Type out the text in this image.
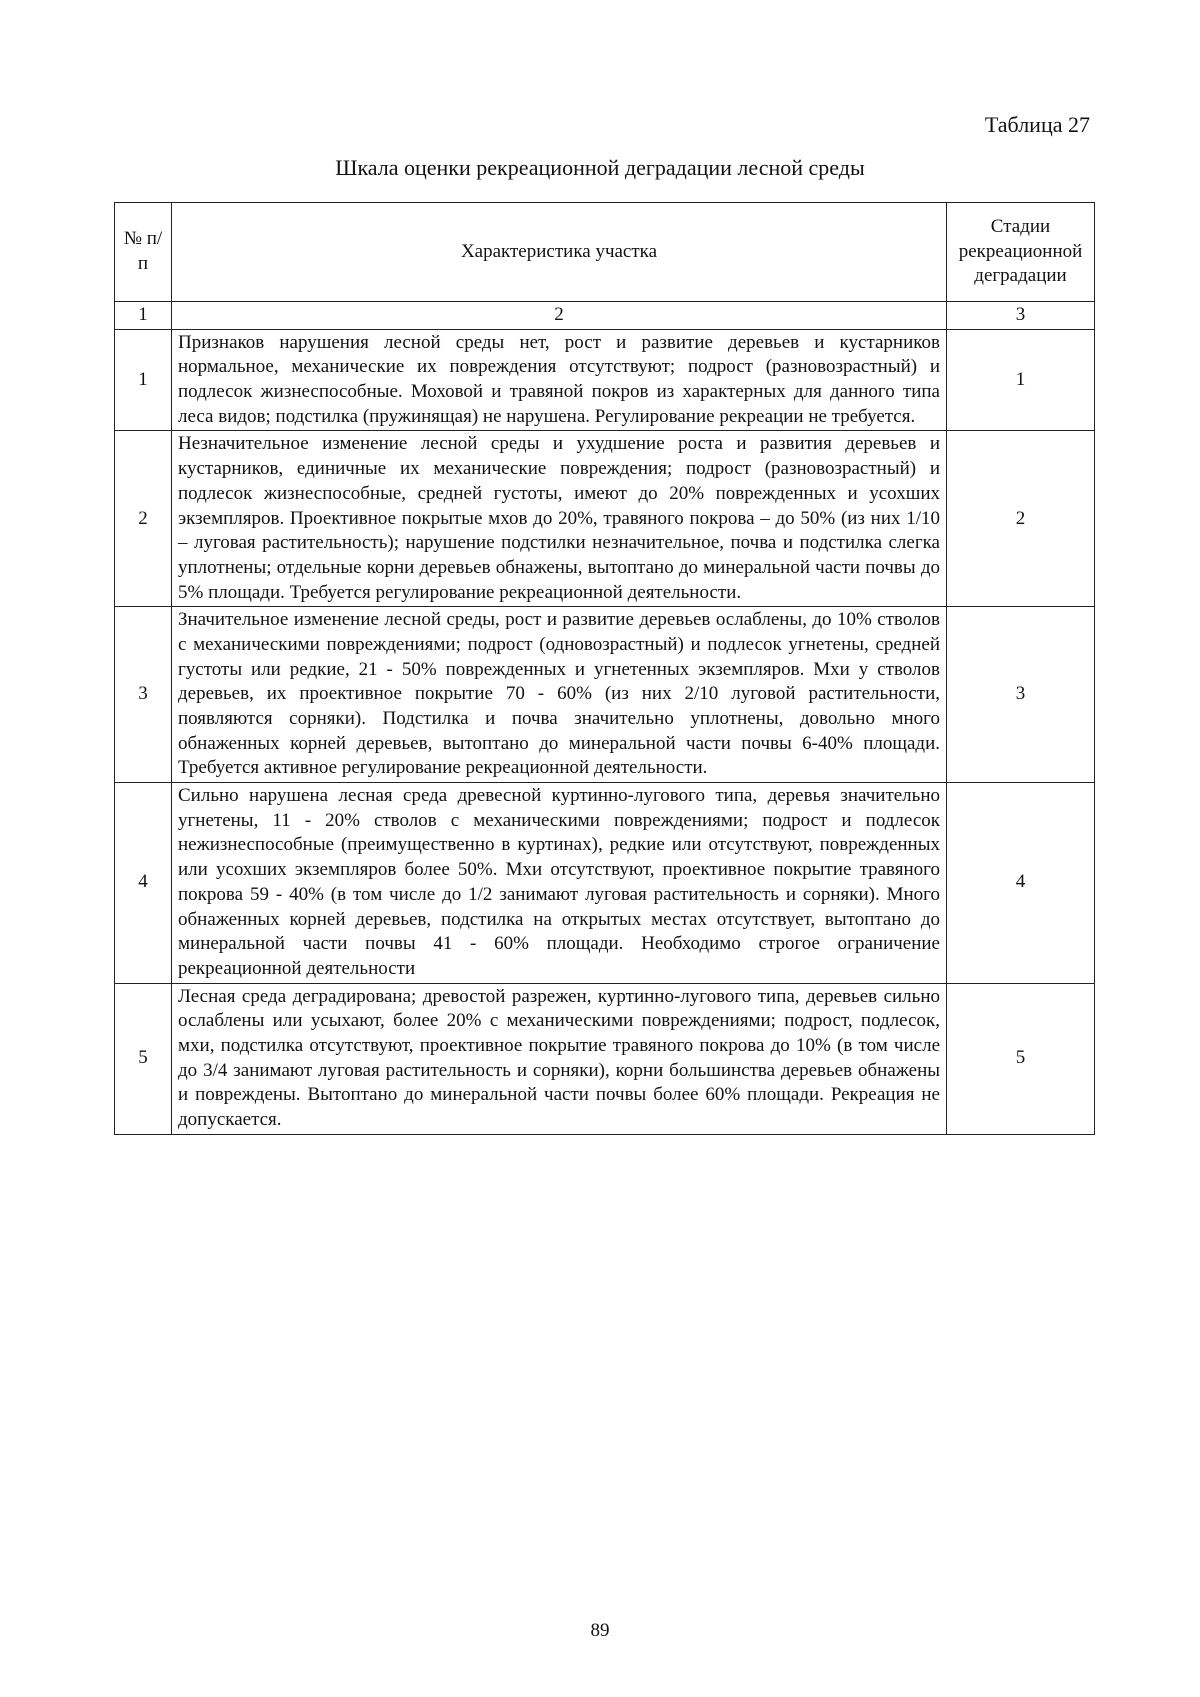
Таблица 27

Шкала оценки рекреационной деградации лесной среды
№ п/п	Характеристика участка	Стадии рекреационной деградации
1	2	3
1	Признаков нарушения лесной среды нет, рост и развитие деревьев и кустарников нормальное, механические их повреждения отсутствуют; подрост (разновозрастный) и подлесок жизнеспособные. Моховой и травяной покров из характерных для данного типа леса видов; подстилка (пружинящая) не нарушена. Регулирование рекреации не требуется.	1
2	Незначительное изменение лесной среды и ухудшение роста и развития деревьев и кустарников, единичные их механические повреждения; подрост (разновозрастный) и подлесок жизнеспособные, средней густоты, имеют до 20% поврежденных и усохших экземпляров. Проективное покрытые мхов до 20%, травяного покрова – до 50% (из них 1/10 – луговая растительность); нарушение подстилки незначительное, почва и подстилка слегка уплотнены; отдельные корни деревьев обнажены, вытоптано до минеральной части почвы до 5% площади. Требуется регулирование рекреационной деятельности.	2
3	Значительное изменение лесной среды, рост и развитие деревьев ослаблены, до 10% стволов с механическими повреждениями; подрост (одновозрастный) и подлесок угнетены, средней густоты или редкие, 21 - 50% поврежденных и угнетенных экземпляров. Мхи у стволов деревьев, их проективное покрытие 70 - 60% (из них 2/10 луговой растительности, появляются сорняки). Подстилка и почва значительно уплотнены, довольно много обнаженных корней деревьев, вытоптано до минеральной части почвы 6-40% площади. Требуется активное регулирование рекреационной деятельности.	3
4	Сильно нарушена лесная среда древесной куртинно-лугового типа, деревья значительно угнетены, 11 - 20% стволов с механическими повреждениями; подрост и подлесок нежизнеспособные (преимущественно в куртинах), редкие или отсутствуют, поврежденных или усохших экземпляров более 50%. Мхи отсутствуют, проективное покрытие травяного покрова 59 - 40% (в том числе до 1/2 занимают луговая растительность и сорняки). Много обнаженных корней деревьев, подстилка на открытых местах отсутствует, вытоптано до минеральной части почвы 41 - 60% площади. Необходимо строгое ограничение рекреационной деятельности	4
5	Лесная среда деградирована; древостой разрежен, куртинно-лугового типа, деревьев сильно ослаблены или усыхают, более 20% с механическими повреждениями; подрост, подлесок, мхи, подстилка отсутствуют, проективное покрытие травяного покрова до 10% (в том числе до 3/4 занимают луговая растительность и сорняки), корни большинства деревьев обнажены и повреждены. Вытоптано до минеральной части почвы более 60% площади. Рекреация не допускается.	5

89
